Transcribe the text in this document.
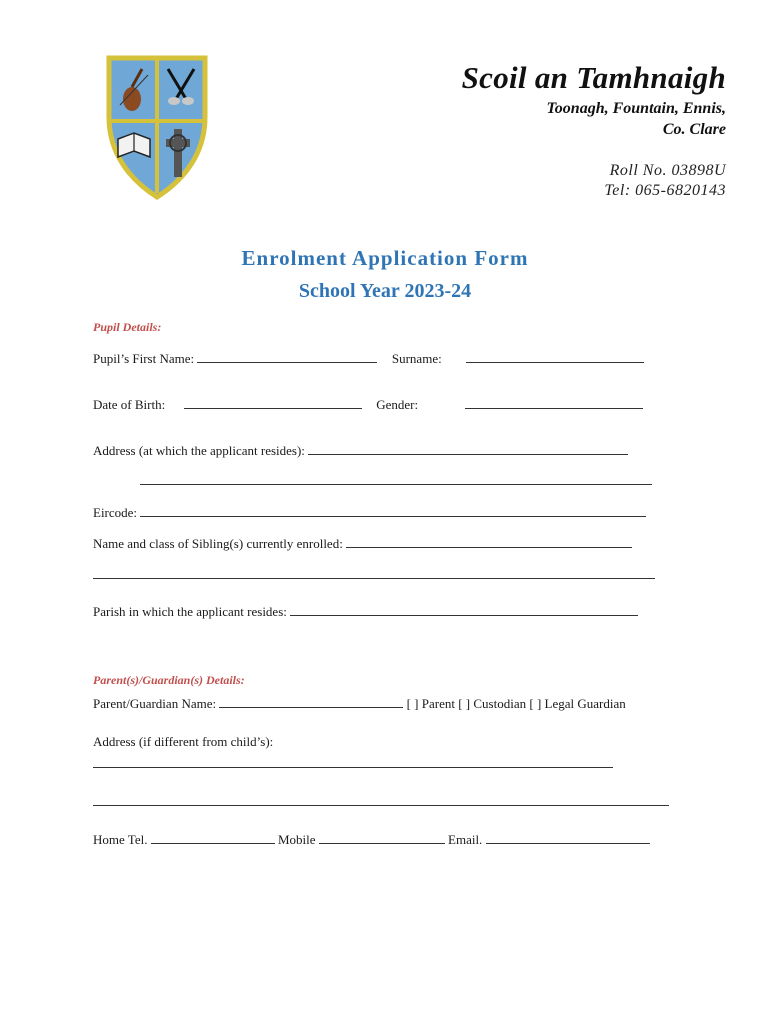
Scoil an Tamhnaigh
Toonagh, Fountain, Ennis,
Co. Clare
Roll No. 03898U
Tel: 065-6820143
Enrolment Application Form
School Year 2023-24
Pupil Details:
Pupil’s First Name:	Surname:
Date of Birth:	Gender:
Address (at which the applicant resides):
Eircode:
Name and class of Sibling(s) currently enrolled:
Parish in which the applicant resides:
Parent(s)/Guardian(s) Details:
Parent/Guardian Name:	[ ] Parent [ ] Custodian [ ] Legal Guardian
Address (if different from child’s):
Home Tel.	Mobile	Email.
